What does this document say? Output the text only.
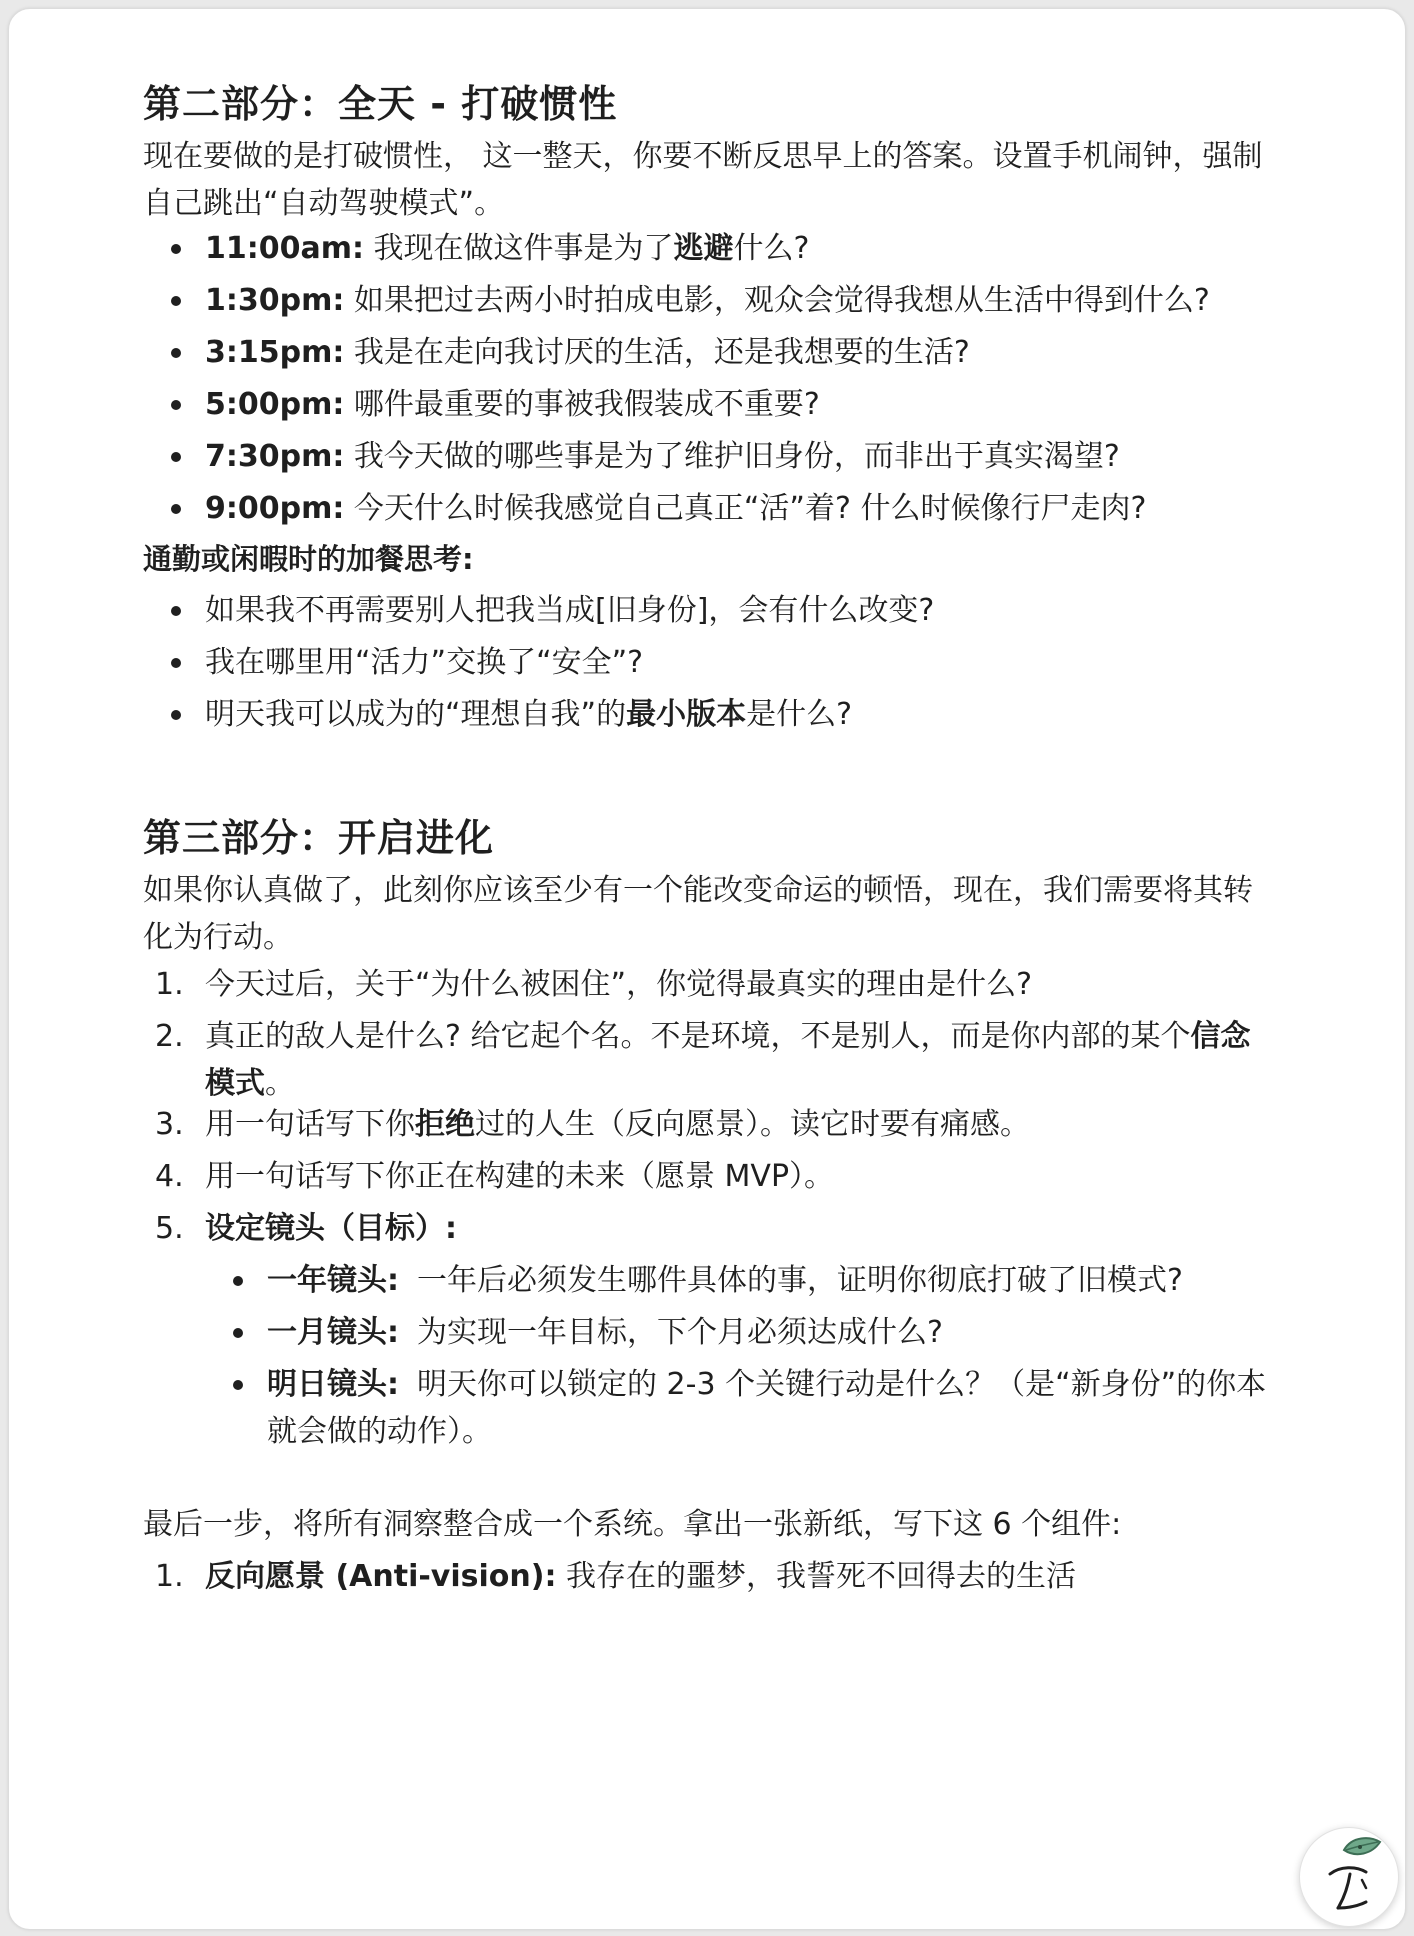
第二部分：全天 - 打破惯性

现在要做的是打破惯性， 这一整天，你要不断反思早上的答案。设置手机闹钟，强制自己跳出“自动驾驶模式”。

11:00am: 我现在做这件事是为了逃避什么?
1:30pm: 如果把过去两小时拍成电影，观众会觉得我想从生活中得到什么?
3:15pm: 我是在走向我讨厌的生活，还是我想要的生活?
5:00pm: 哪件最重要的事被我假装成不重要?
7:30pm: 我今天做的哪些事是为了维护旧身份，而非出于真实渴望?
9:00pm: 今天什么时候我感觉自己真正“活”着? 什么时候像行尸走肉?

通勤或闲暇时的加餐思考:

如果我不再需要别人把我当成[旧身份]，会有什么改变?
我在哪里用“活力”交换了“安全”?
明天我可以成为的“理想自我”的最小版本是什么?
第三部分：开启进化

如果你认真做了，此刻你应该至少有一个能改变命运的顿悟，现在，我们需要将其转化为行动。

1. 今天过后，关于“为什么被困住”，你觉得最真实的理由是什么?
2. 真正的敌人是什么? 给它起个名。不是环境，不是别人，而是你内部的某个信念模式。
3. 用一句话写下你拒绝过的人生（反向愿景）。读它时要有痛感。
4. 用一句话写下你正在构建的未来（愿景 MVP）。
5. 设定镜头（目标）:
一年镜头: 一年后必须发生哪件具体的事，证明你彻底打破了旧模式?
一月镜头: 为实现一年目标，下个月必须达成什么?
明日镜头: 明天你可以锁定的 2-3 个关键行动是什么？（是“新身份”的你本就会做的动作）。

最后一步，将所有洞察整合成一个系统。拿出一张新纸，写下这 6 个组件:

1. 反向愿景 (Anti-vision): 我存在的噩梦，我誓死不回得去的生活
